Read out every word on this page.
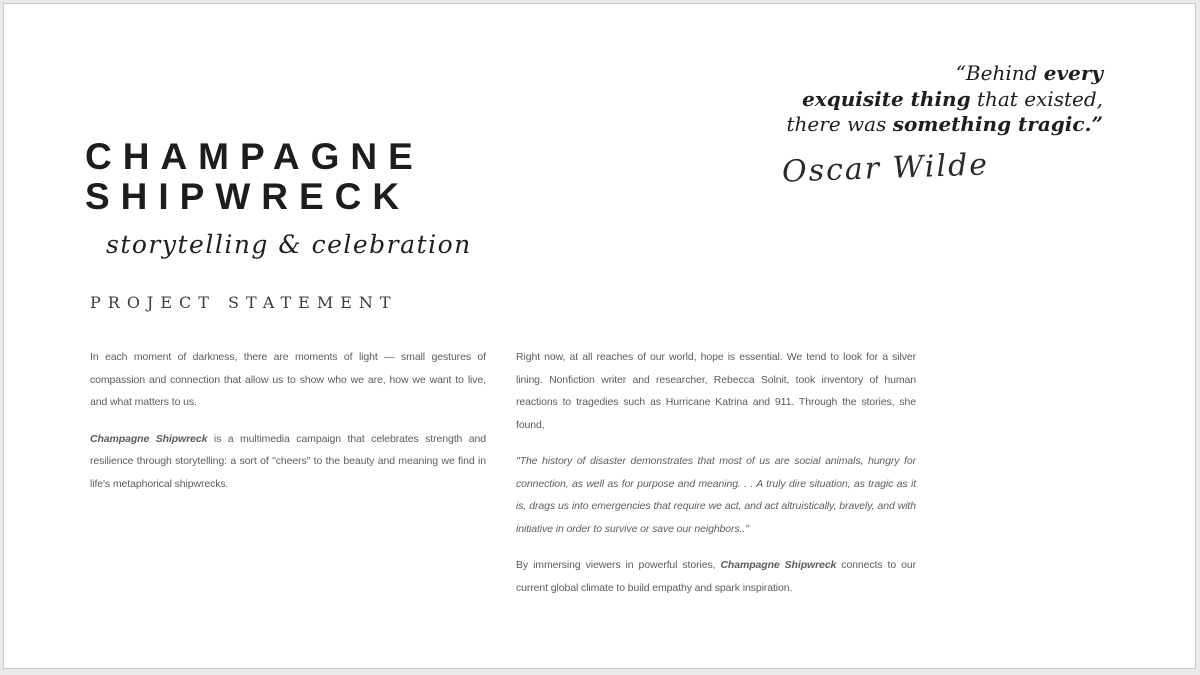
“Behind every
exquisite thing that existed,
there was something tragic.”
Oscar Wilde
CHAMPAGNE
SHIPWRECK
storytelling & celebration
PROJECT STATEMENT

In each moment of darkness, there are moments of light — small gestures of compassion and connection that allow us to show who we are, how we want to live, and what matters to us.

Champagne Shipwreck is a multimedia campaign that celebrates strength and resilience through storytelling: a sort of "cheers" to the beauty and meaning we find in life's metaphorical shipwrecks.

Right now, at all reaches of our world, hope is essential. We tend to look for a silver lining. Nonfiction writer and researcher, Rebecca Solnit, took inventory of human reactions to tragedies such as Hurricane Katrina and 911. Through the stories, she found,

"The history of disaster demonstrates that most of us are social animals, hungry for connection, as well as for purpose and meaning. . . A truly dire situation, as tragic as it is, drags us into emergencies that require we act, and act altruistically, bravely, and with initiative in order to survive or save our neighbors.."

By immersing viewers in powerful stories, Champagne Shipwreck connects to our current global climate to build empathy and spark inspiration.
